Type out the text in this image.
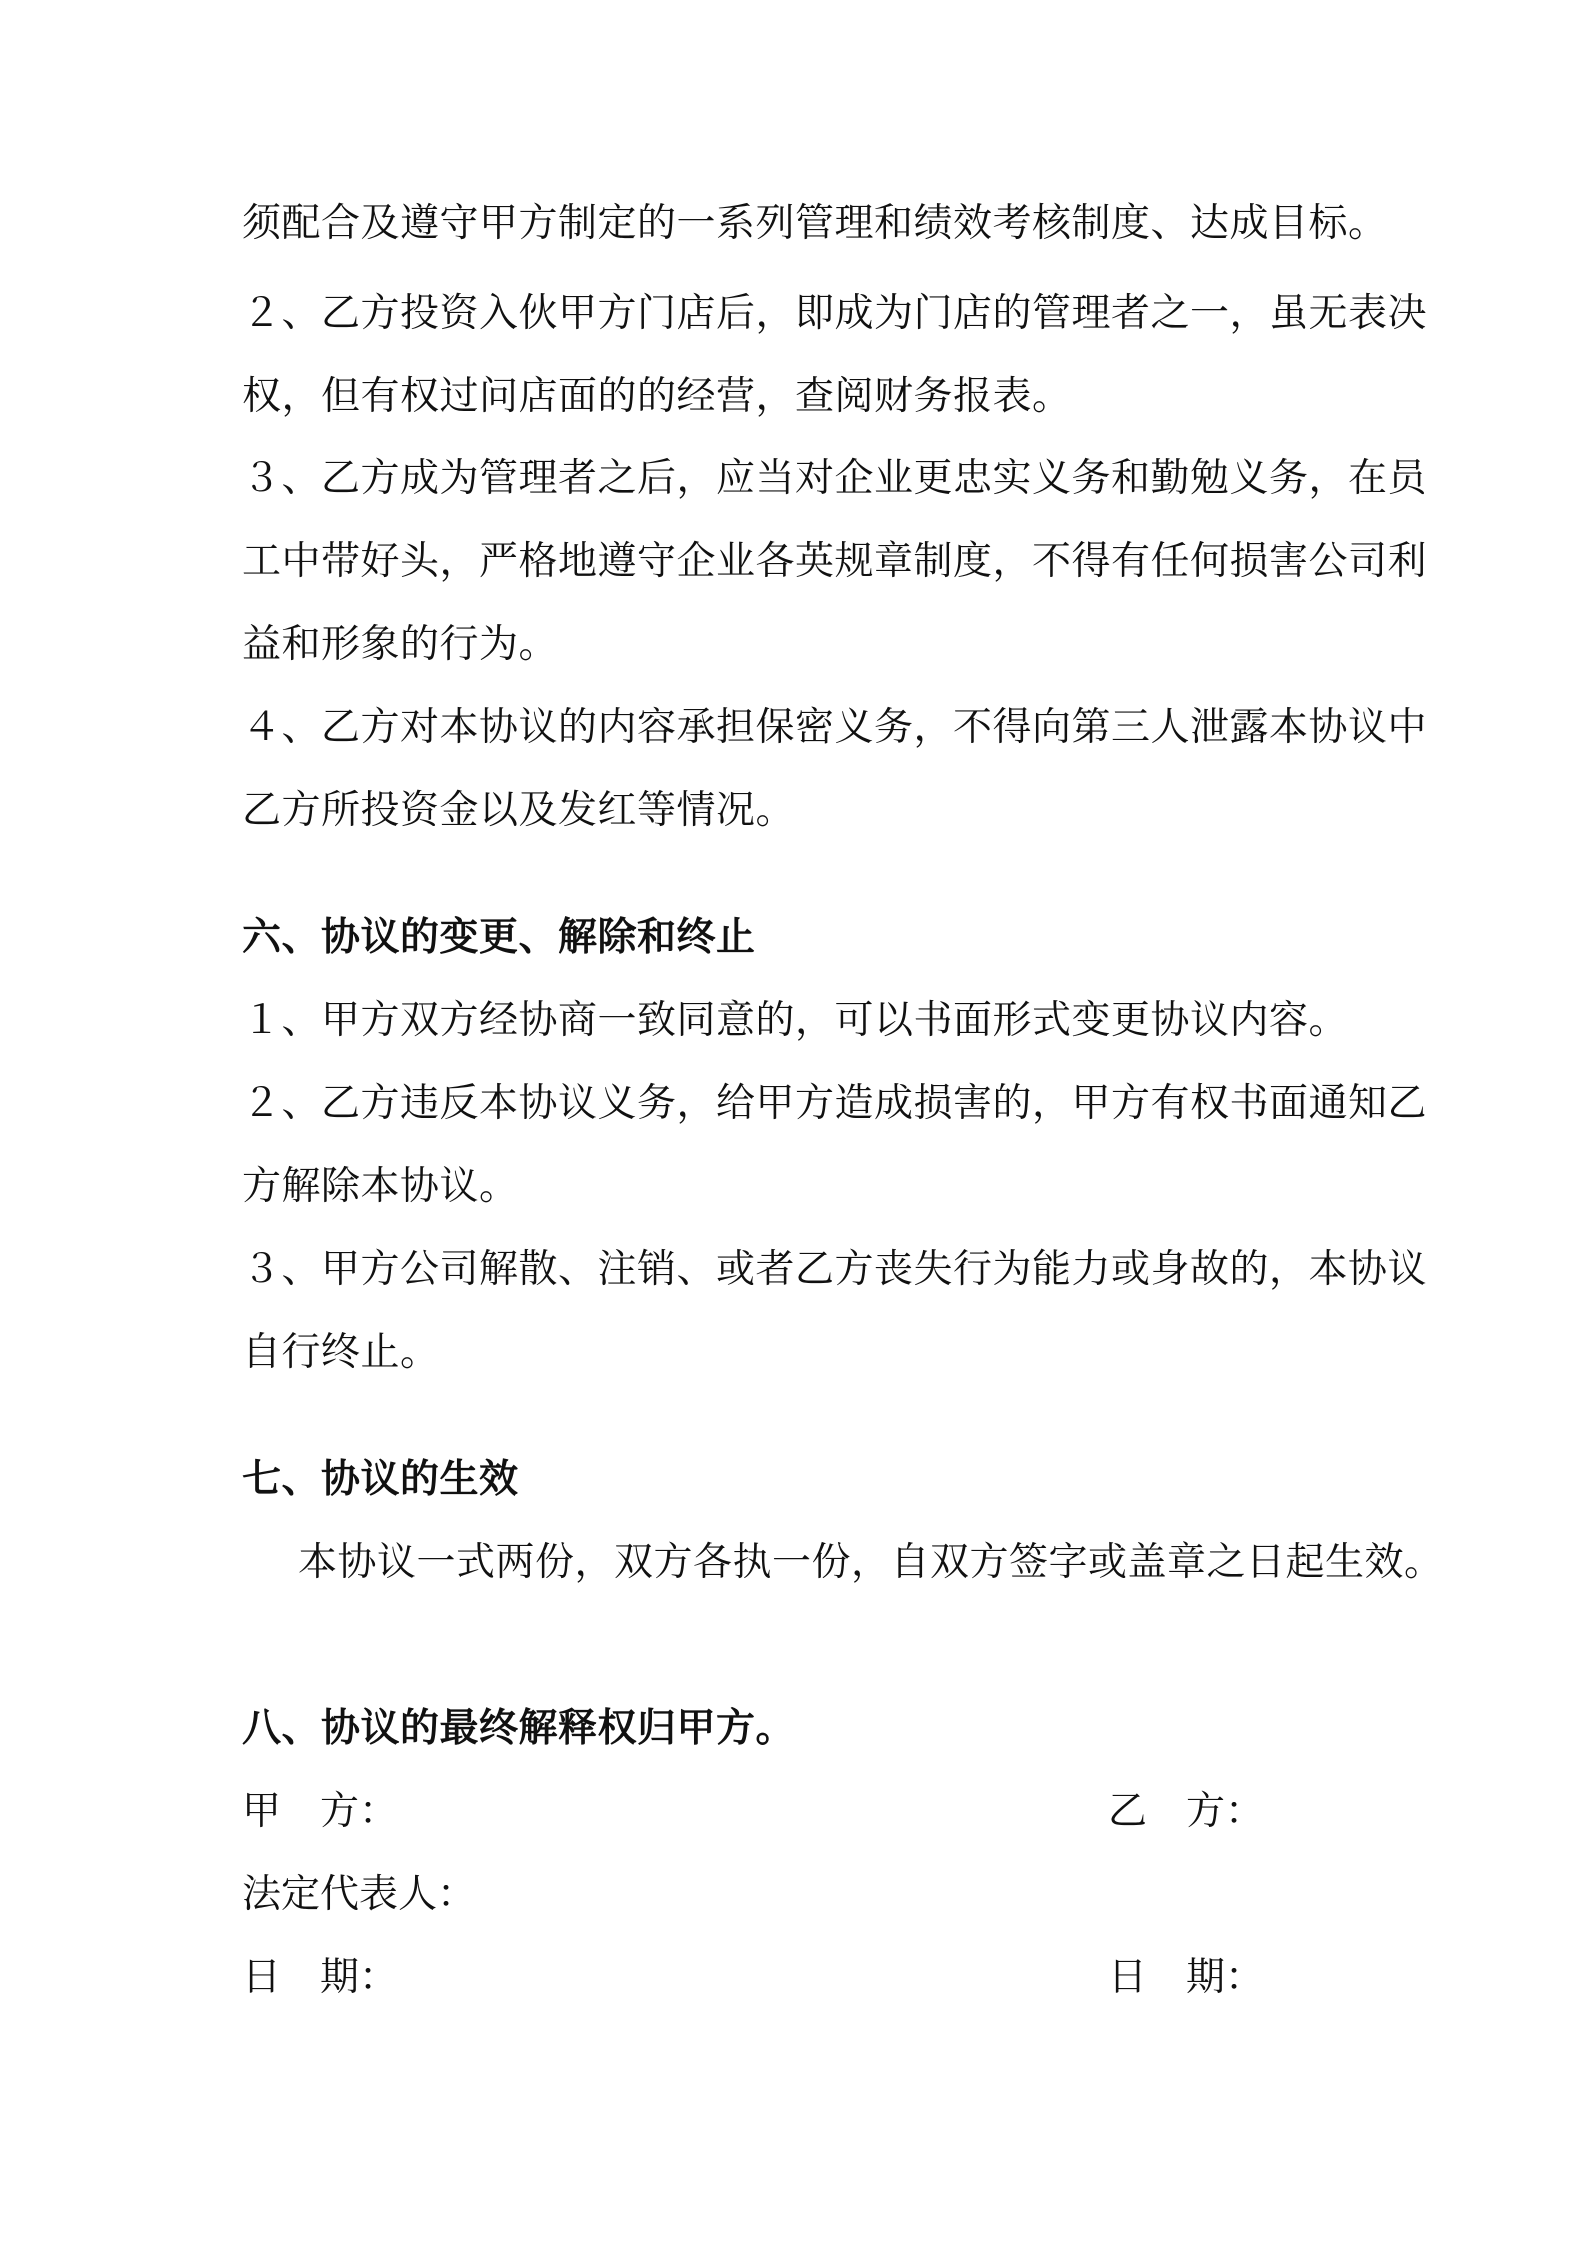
须配合及遵守甲方制定的一系列管理和绩效考核制度、达成目标。
２、乙方投资入伙甲方门店后，即成为门店的管理者之一，虽无表决
权，但有权过问店面的的经营，查阅财务报表。
３、乙方成为管理者之后，应当对企业更忠实义务和勤勉义务，在员
工中带好头，严格地遵守企业各英规章制度，不得有任何损害公司利
益和形象的行为。
４、乙方对本协议的内容承担保密义务，不得向第三人泄露本协议中
乙方所投资金以及发红等情况。
六、协议的变更、解除和终止
１、甲方双方经协商一致同意的，可以书面形式变更协议内容。
２、乙方违反本协议义务，给甲方造成损害的，甲方有权书面通知乙
方解除本协议。
３、甲方公司解散、注销、或者乙方丧失行为能力或身故的，本协议
自行终止。
七、协议的生效
本协议一式两份，双方各执一份，自双方签字或盖章之日起生效。
八、协议的最终解释权归甲方。
甲　方：	乙　方：
法定代表人：
日　期：	日　期：
